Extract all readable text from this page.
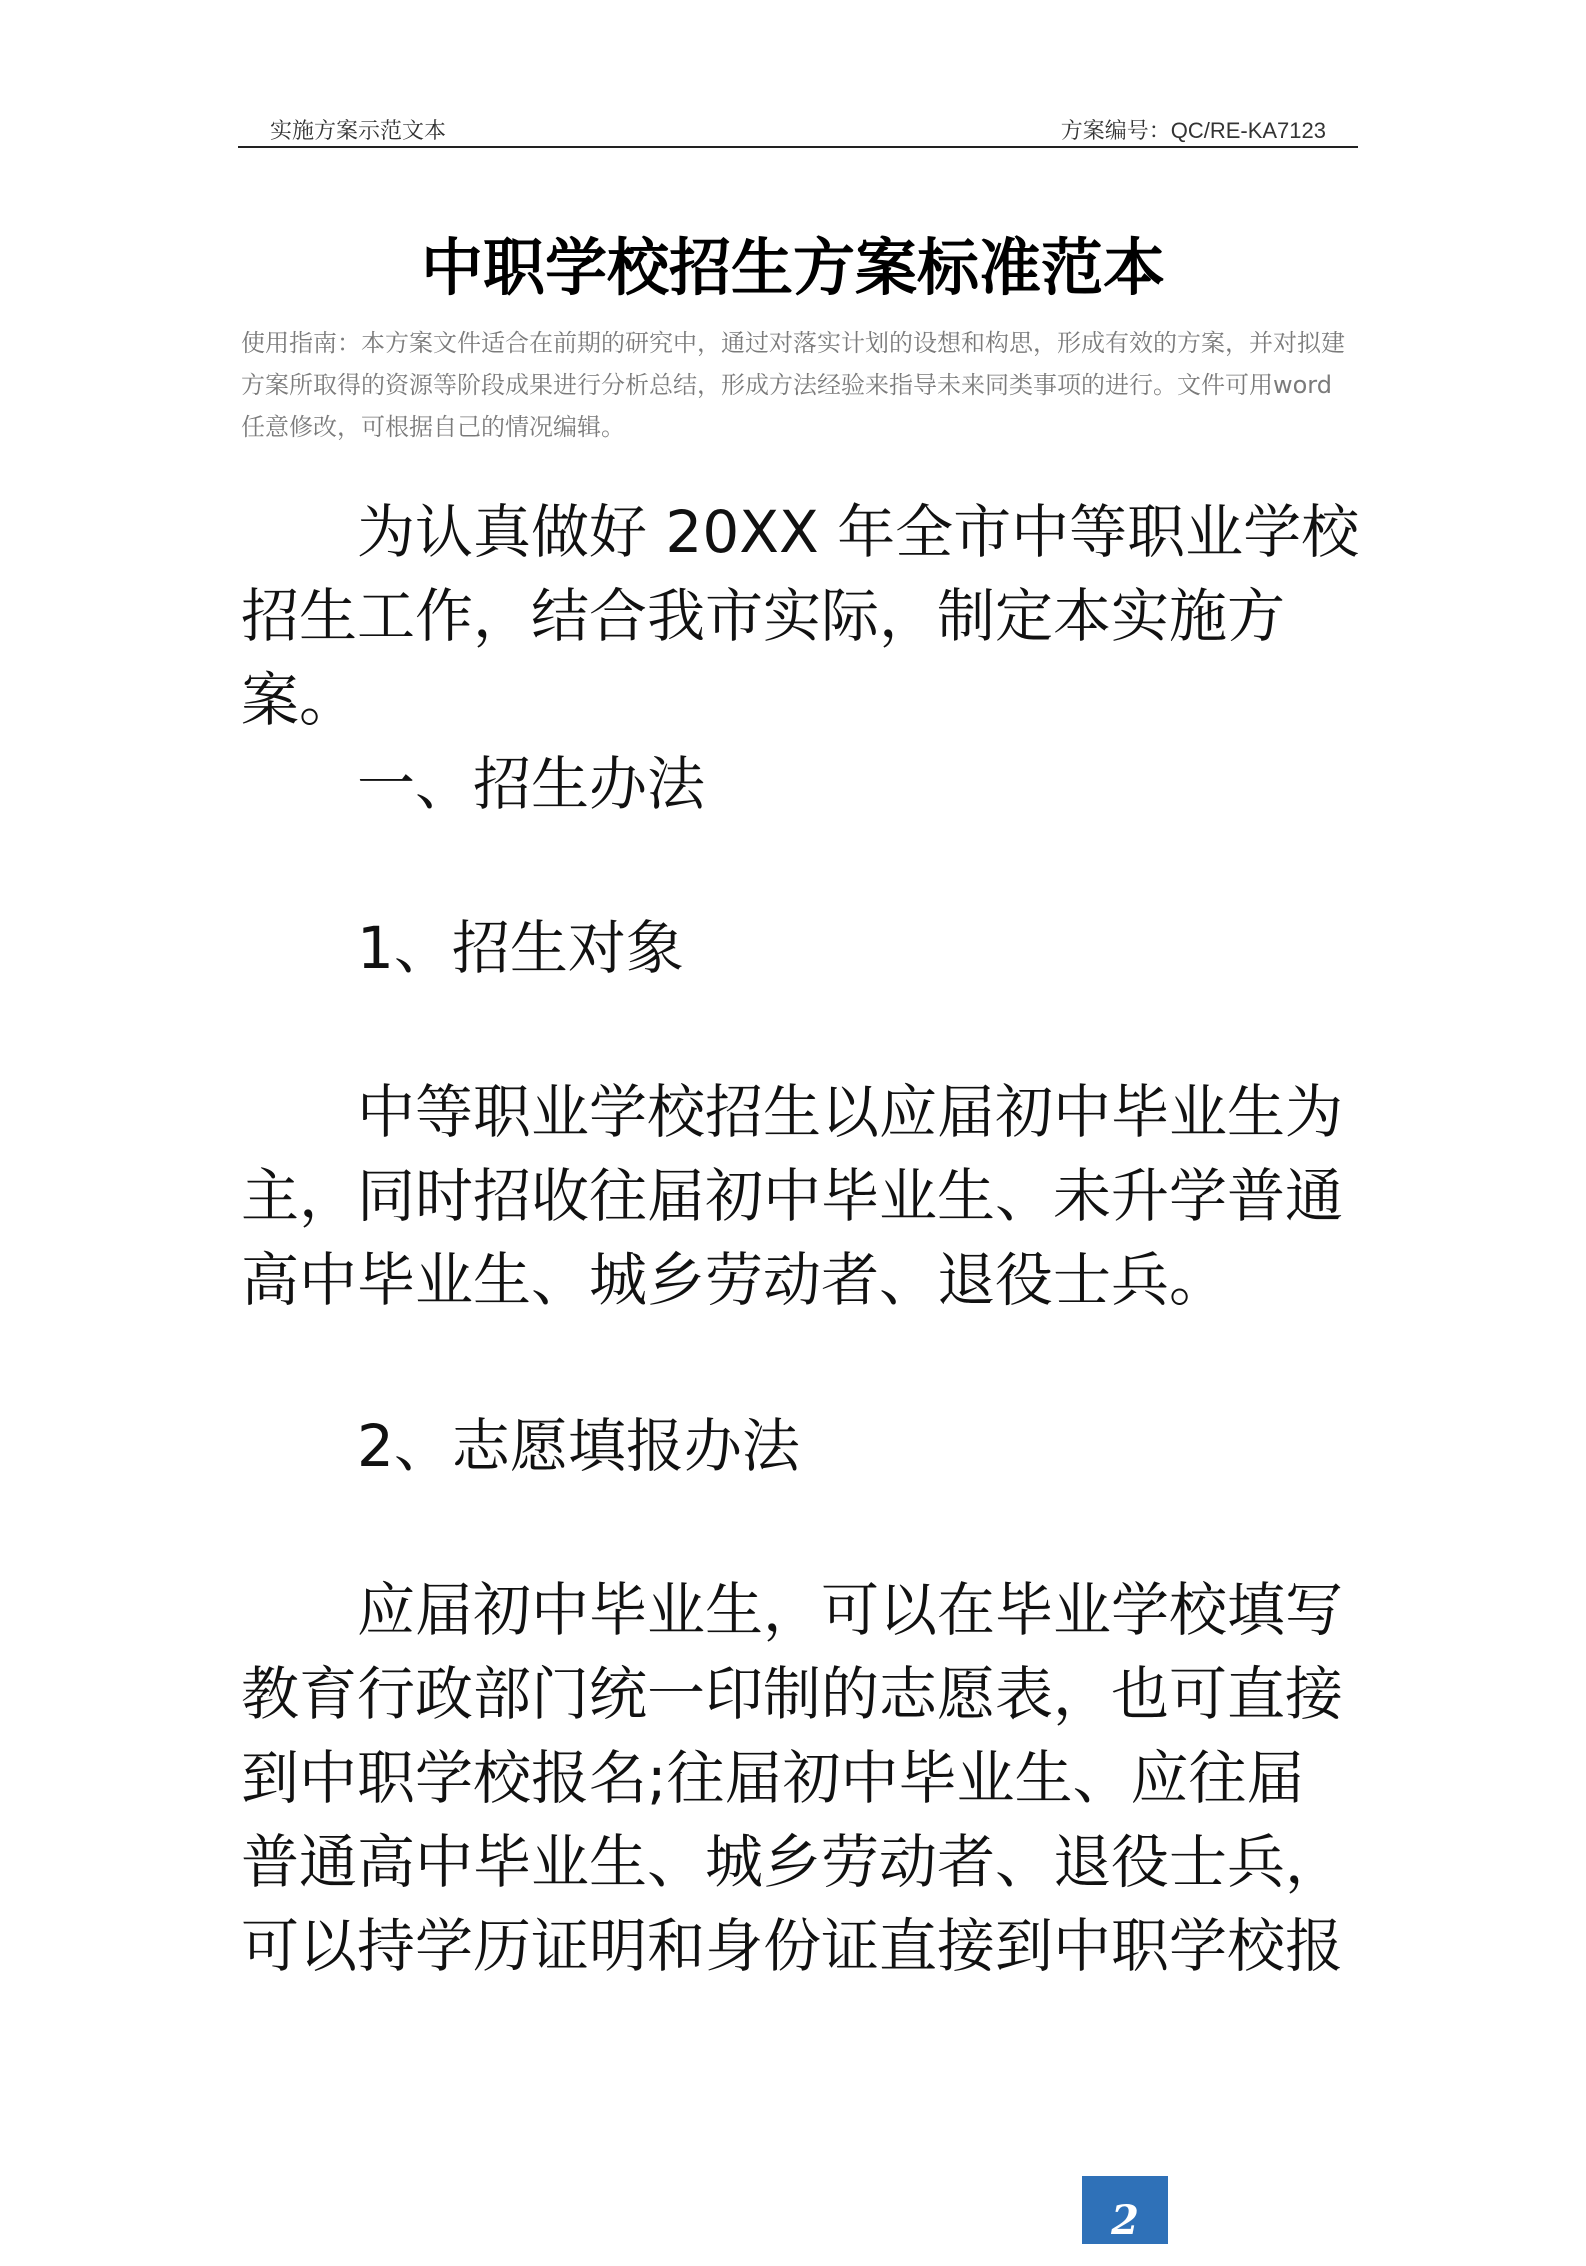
实施方案示范文本	方案编号：QC/RE-KA7123
中职学校招生方案标准范本
使用指南：本方案文件适合在前期的研究中，通过对落实计划的设想和构思，形成有效的方案，并对拟建方案所取得的资源等阶段成果进行分析总结，形成方法经验来指导未来同类事项的进行。文件可用word 任意修改，可根据自己的情况编辑。
为认真做好 20XX 年全市中等职业学校招生工作，结合我市实际，制定本实施方案。
一、招生办法
1、招生对象
中等职业学校招生以应届初中毕业生为主，同时招收往届初中毕业生、未升学普通高中毕业生、城乡劳动者、退役士兵。
2、志愿填报办法
应届初中毕业生，可以在毕业学校填写教育行政部门统一印制的志愿表，也可直接到中职学校报名;往届初中毕业生、应往届普通高中毕业生、城乡劳动者、退役士兵，可以持学历证明和身份证直接到中职学校报
2
